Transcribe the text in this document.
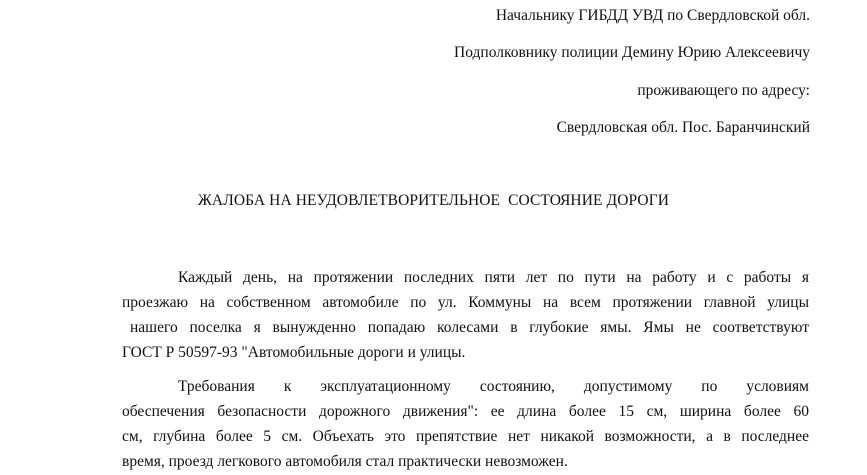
Начальнику ГИБДД УВД по Свердловской обл.
Подполковнику полиции Демину Юрию Алексеевичу
проживающего по адресу:
Свердловская обл. Пос. Баранчинский
ЖАЛОБА НА НЕУДОВЛЕТВОРИТЕЛЬНОЕ  СОСТОЯНИЕ ДОРОГИ
Каждый день, на протяжении последних пяти лет по пути на работу и с работы я
проезжаю на собственном автомобиле по ул. Коммуны на всем протяжении главной улицы
нашего поселка я вынужденно попадаю колесами в глубокие ямы. Ямы не соответствуют
ГОСТ Р 50597-93 "Автомобильные дороги и улицы.
Требования к эксплуатационному состоянию, допустимому по условиям
обеспечения безопасности дорожного движения": ее длина более 15 см, ширина более 60
см, глубина более 5 см. Объехать это препятствие нет никакой возможности, а в последнее
время, проезд легкового автомобиля стал практически невозможен.
